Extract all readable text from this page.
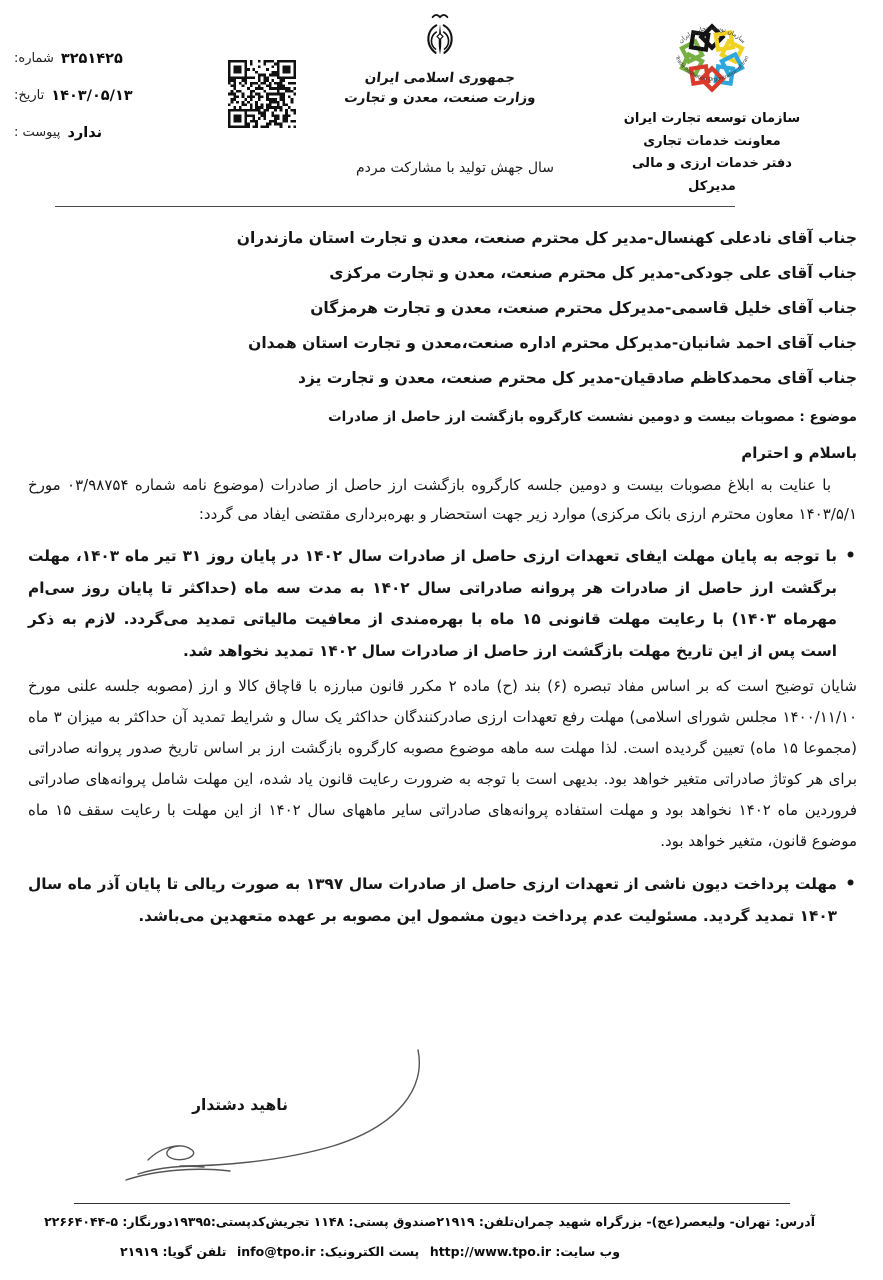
شماره: ۳۲۵۱۴۲۵
تاریخ: ۱۴۰۳/۰۵/۱۳
پیوست : ندارد
جمهوری اسلامی ایران
وزارت صنعت، معدن و تجارت
سال جهش تولید با مشارکت مردم
سازمان توسعه تجارت ایران
Trade Promotion Organization of Iran
سازمان توسعه تجارت ایران
معاونت خدمات تجاری
دفتر خدمات ارزی و مالی
مدیرکل
جناب آقای نادعلی کهنسال-مدیر کل محترم صنعت، معدن و تجارت استان مازندران
جناب آقای علی جودکی-مدیر کل محترم صنعت، معدن و تجارت مرکزی
جناب آقای خلیل قاسمی-مدیرکل محترم صنعت، معدن و تجارت هرمزگان
جناب آقای احمد شانیان-مدیرکل محترم اداره صنعت،معدن و تجارت استان همدان
جناب آقای محمدکاظم صادقیان-مدیر کل محترم صنعت، معدن و تجارت یزد
موضوع : مصوبات بیست و دومین نشست کارگروه بازگشت ارز حاصل از صادرات
باسلام و احترام
با عنایت به ابلاغ مصوبات بیست و دومین جلسه کارگروه بازگشت ارز حاصل از صادرات (موضوع نامه شماره ۰۳/۹۸۷۵۴ مورخ ۱۴۰۳/۵/۱ معاون محترم ارزی بانک مرکزی) موارد زیر جهت استحضار و بهره‌برداری مقتضی ایفاد می گردد:
• با توجه به پایان مهلت ایفای تعهدات ارزی حاصل از صادرات سال ۱۴۰۲ در پایان روز ۳۱ تیر ماه ۱۴۰۳، مهلت برگشت ارز حاصل از صادرات هر پروانه صادراتی سال ۱۴۰۲ به مدت سه ماه (حداکثر تا پایان روز سی‌ام مهرماه ۱۴۰۳) با رعایت مهلت قانونی ۱۵ ماه با بهره‌مندی از معافیت مالیاتی تمدید می‌گردد. لازم به ذکر است پس از این تاریخ مهلت بازگشت ارز حاصل از صادرات سال ۱۴۰۲ تمدید نخواهد شد.
شایان توضیح است که بر اساس مفاد تبصره (۶) بند (ح) ماده ۲ مکرر قانون مبارزه با قاچاق کالا و ارز (مصوبه جلسه علنی مورخ ۱۴۰۰/۱۱/۱۰ مجلس شورای اسلامی) مهلت رفع تعهدات ارزی صادرکنندگان حداکثر یک سال و شرایط تمدید آن حداکثر به میزان ۳ ماه (مجموعا ۱۵ ماه) تعیین گردیده است. لذا مهلت سه ماهه موضوع مصوبه کارگروه بازگشت ارز بر اساس تاریخ صدور پروانه صادراتی برای هر کوتاژ صادراتی متغیر خواهد بود. بدیهی است با توجه به ضرورت رعایت قانون یاد شده، این مهلت شامل پروانه‌های صادراتی فروردین ماه ۱۴۰۲ نخواهد بود و مهلت استفاده پروانه‌های صادراتی سایر ماههای سال ۱۴۰۲ از این مهلت با رعایت سقف ۱۵ ماه موضوع قانون، متغیر خواهد بود.
• مهلت پرداخت دیون ناشی از تعهدات ارزی حاصل از صادرات سال ۱۳۹۷ به صورت ریالی تا پایان آذر ماه سال ۱۴۰۳ تمدید گردید. مسئولیت عدم پرداخت دیون مشمول این مصوبه بر عهده متعهدین می‌باشد.
ناهید دشتدار
آدرس: تهران- ولیعصر(عج)- بزرگراه شهید چمران
تلفن: ۲۱۹۱۹
صندوق پستی: ۱۱۴۸ تجریش
کدپستی:۱۹۳۹۵
دورنگار: ۵-۲۲۶۶۴۰۴۴
وب سایت: http://www.tpo.ir
پست الکترونیک: info@tpo.ir
تلفن گویا: ۲۱۹۱۹
